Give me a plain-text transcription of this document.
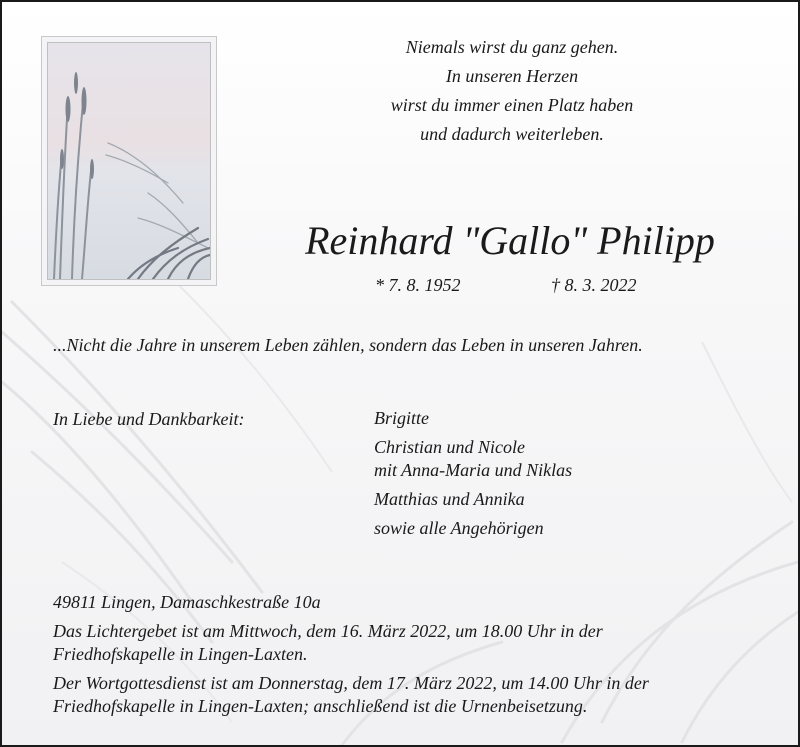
Niemals wirst du ganz gehen.
In unseren Herzen
wirst du immer einen Platz haben
und dadurch weiterleben.
Reinhard "Gallo" Philipp
* 7. 8. 1952	† 8. 3. 2022
...Nicht die Jahre in unserem Leben zählen, sondern das Leben in unseren Jahren.
In Liebe und Dankbarkeit:	Brigitte
Christian und Nicole
mit Anna-Maria und Niklas
Matthias und Annika
sowie alle Angehörigen
49811 Lingen, Damaschkestraße 10a
Das Lichtergebet ist am Mittwoch, dem 16. März 2022, um 18.00 Uhr in der
Friedhofskapelle in Lingen-Laxten.
Der Wortgottesdienst ist am Donnerstag, dem 17. März 2022, um 14.00 Uhr in der
Friedhofskapelle in Lingen-Laxten; anschließend ist die Urnenbeisetzung.
